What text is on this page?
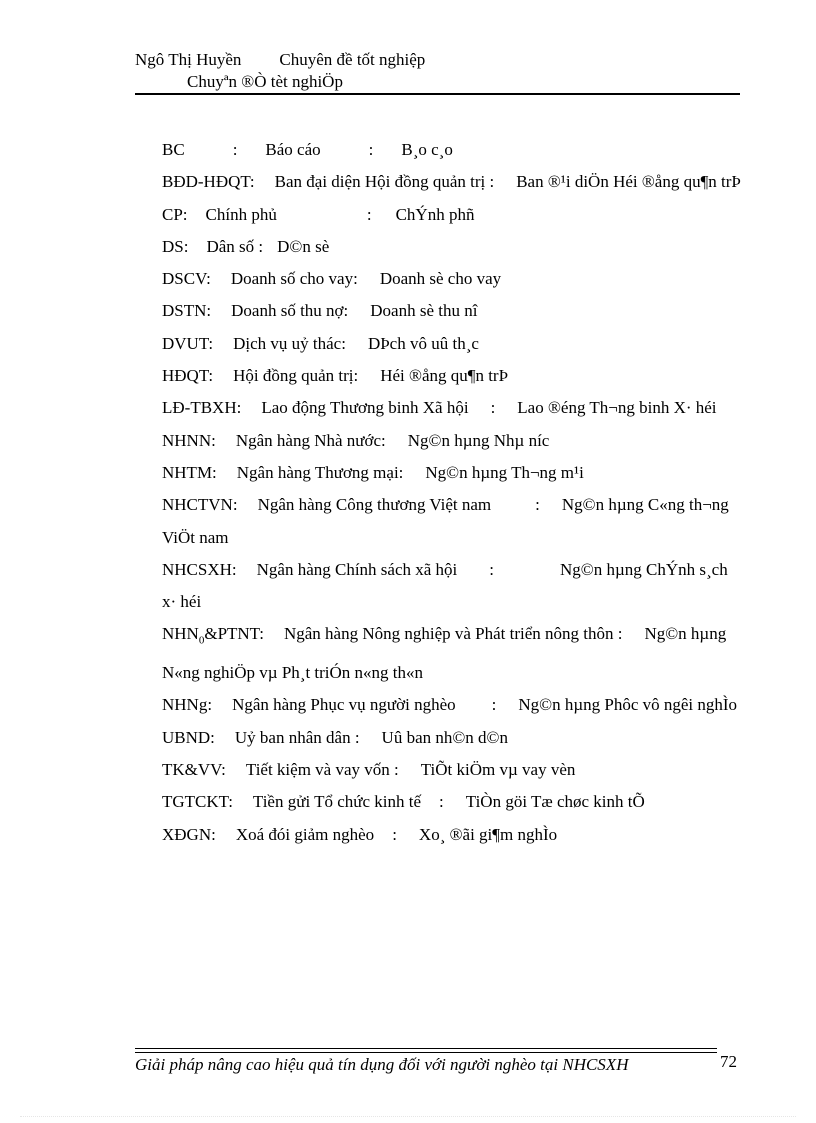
Ngô Thị Huyền Chuyên đề tốt nghiệp
Chuyªn ®Ò tèt nghiÖp
BC	: Báo cáo	: B¸o c¸o
BĐD-HĐQT: Ban đại diện Hội đồng quản trị : Ban ®¹i diÖn Héi ®ång qu¶n trÞ
CP: Chính phủ	: ChÝnh phñ
DS: Dân số : D©n sè
DSCV: Doanh số cho vay: Doanh sè cho vay
DSTN: Doanh số thu nợ: Doanh sè thu nî
DVUT: Dịch vụ uỷ thác: DÞch vô uû th¸c
HĐQT: Hội đồng quản trị: Héi ®ång qu¶n trÞ
LĐ-TBXH: Lao động Thương binh Xã hội : Lao ®éng Th¬ng binh X· héi
NHNN: Ngân hàng Nhà nước: Ng©n hµng Nhµ níc
NHTM: Ngân hàng Thương mại: Ng©n hµng Th¬ng m¹i
NHCTVN: Ngân hàng Công thương Việt nam	: Ng©n hµng C«ng th¬ng ViÖt nam
NHCSXH: Ngân hàng Chính sách xã hội :	Ng©n hµng ChÝnh s¸ch x· héi
$NHN_0\&PTNT$: Ngân hàng Nông nghiệp và Phát triển nông thôn : Ng©n hµng N«ng nghiÖp vµ Ph¸t triÓn n«ng th«n
NHNg: Ngân hàng Phục vụ người nghèo : Ng©n hµng Phôc vô ngêi nghÌo
UBND: Uỷ ban nhân dân : Uû ban nh©n d©n
TK&VV: Tiết kiệm và vay vốn : TiÕt kiÖm vµ vay vèn
TGTCKT: Tiền gửi Tổ chức kinh tế : TiÒn göi Tæ chøc kinh tÕ
XĐGN: Xoá đói giảm nghèo : Xo¸ ®ãi gi¶m nghÌo
Giải pháp nâng cao hiệu quả tín dụng đối với người nghèo tại NHCSXH	72
